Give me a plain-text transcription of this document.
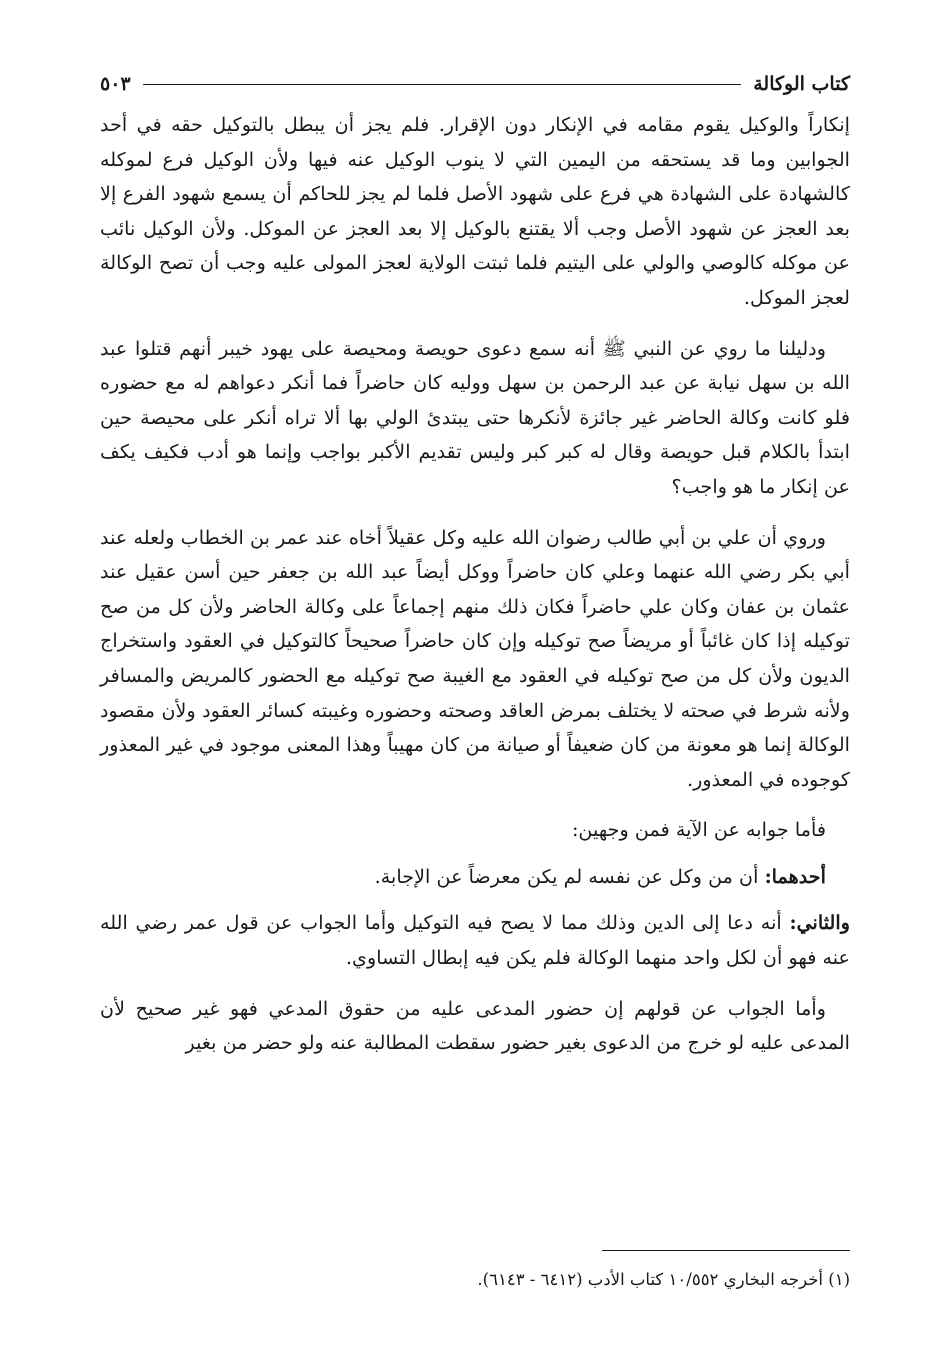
كتاب الوكالة
٥٠٣

إنكاراً والوكيل يقوم مقامه في الإنكار دون الإقرار. فلم يجز أن يبطل بالتوكيل حقه في أحد الجوابين وما قد يستحقه من اليمين التي لا ينوب الوكيل عنه فيها ولأن الوكيل فرع لموكله كالشهادة على الشهادة هي فرع على شهود الأصل فلما لم يجز للحاكم أن يسمع شهود الفرع إلا بعد العجز عن شهود الأصل وجب ألا يقتنع بالوكيل إلا بعد العجز عن الموكل. ولأن الوكيل نائب عن موكله كالوصي والولي على اليتيم فلما ثبتت الولاية لعجز المولى عليه وجب أن تصح الوكالة لعجز الموكل.

ودليلنا ما روي عن النبي ﷺ أنه سمع دعوى حويصة ومحيصة على يهود خيبر أنهم قتلوا عبد الله بن سهل نيابة عن عبد الرحمن بن سهل ووليه كان حاضراً فما أنكر دعواهم له مع حضوره فلو كانت وكالة الحاضر غير جائزة لأنكرها حتى يبتدئ الولي بها ألا تراه أنكر على محيصة حين ابتدأ بالكلام قبل حويصة وقال له كبر كبر وليس تقديم الأكبر بواجب وإنما هو أدب فكيف يكف عن إنكار ما هو واجب؟

وروي أن علي بن أبي طالب رضوان الله عليه وكل عقيلاً أخاه عند عمر بن الخطاب ولعله عند أبي بكر رضي الله عنهما وعلي كان حاضراً ووكل أيضاً عبد الله بن جعفر حين أسن عقيل عند عثمان بن عفان وكان علي حاضراً فكان ذلك منهم إجماعاً على وكالة الحاضر ولأن كل من صح توكيله إذا كان غائباً أو مريضاً صح توكيله وإن كان حاضراً صحيحاً كالتوكيل في العقود واستخراج الديون ولأن كل من صح توكيله في العقود مع الغيبة صح توكيله مع الحضور كالمريض والمسافر ولأنه شرط في صحته لا يختلف بمرض العاقد وصحته وحضوره وغيبته كسائر العقود ولأن مقصود الوكالة إنما هو معونة من كان ضعيفاً أو صيانة من كان مهيباً وهذا المعنى موجود في غير المعذور كوجوده في المعذور.

فأما جوابه عن الآية فمن وجهين:

أحدهما: أن من وكل عن نفسه لم يكن معرضاً عن الإجابة.

والثاني: أنه دعا إلى الدين وذلك مما لا يصح فيه التوكيل وأما الجواب عن قول عمر رضي الله عنه فهو أن لكل واحد منهما الوكالة فلم يكن فيه إبطال التساوي.

وأما الجواب عن قولهم إن حضور المدعى عليه من حقوق المدعي فهو غير صحيح لأن المدعى عليه لو خرج من الدعوى بغير حضور سقطت المطالبة عنه ولو حضر من بغير

(١) أخرجه البخاري ١٠/٥٥٢ كتاب الأدب (٦٤١٢ - ٦١٤٣).
